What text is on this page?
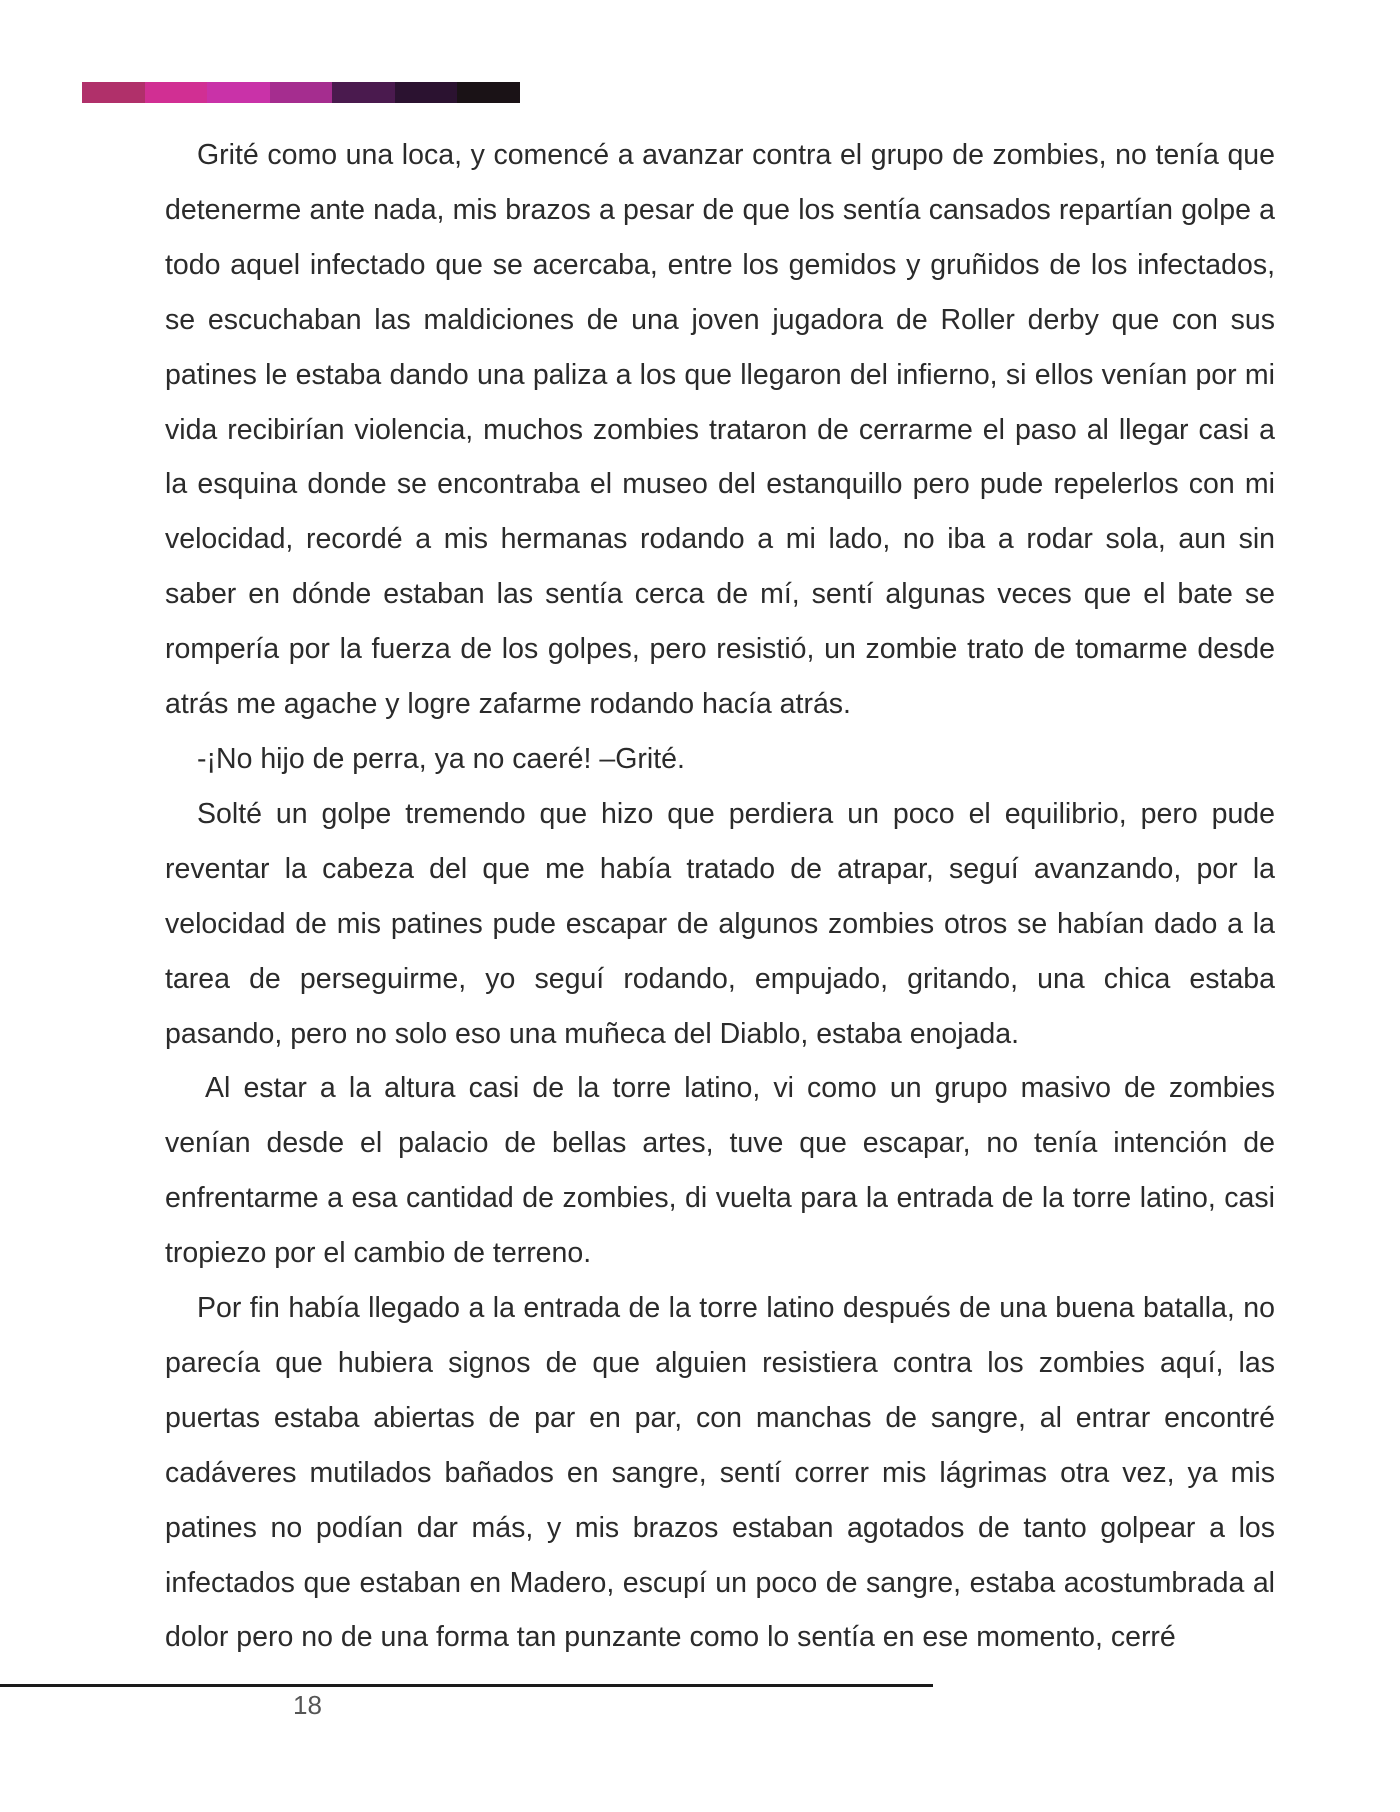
Grité como una loca, y comencé a avanzar contra el grupo de zombies, no tenía que detenerme ante nada, mis brazos a pesar de que los sentía cansados repartían golpe a todo aquel infectado que se acercaba, entre los gemidos y gruñidos de los infectados, se escuchaban las maldiciones de una joven jugadora de Roller derby que con sus patines le estaba dando una paliza a los que llegaron del infierno, si ellos venían por mi vida recibirían violencia, muchos zombies trataron de cerrarme el paso al llegar casi a la esquina donde se encontraba el museo del estanquillo pero pude repelerlos con mi velocidad, recordé a mis hermanas rodando a mi lado, no iba a rodar sola, aun sin saber en dónde estaban las sentía cerca de mí, sentí algunas veces que el bate se rompería por la fuerza de los golpes, pero resistió, un zombie trato de tomarme desde atrás me agache y logre zafarme rodando hacía atrás.

-¡No hijo de perra, ya no caeré! –Grité.

Solté un golpe tremendo que hizo que perdiera un poco el equilibrio, pero pude reventar la cabeza del que me había tratado de atrapar, seguí avanzando, por la velocidad de mis patines pude escapar de algunos zombies otros se habían dado a la tarea de perseguirme, yo seguí rodando, empujado, gritando, una chica estaba pasando, pero no solo eso una muñeca del Diablo, estaba enojada.

Al estar a la altura casi de la torre latino, vi como un grupo masivo de zombies venían desde el palacio de bellas artes, tuve que escapar, no tenía intención de enfrentarme a esa cantidad de zombies, di vuelta para la entrada de la torre latino, casi tropiezo por el cambio de terreno.

Por fin había llegado a la entrada de la torre latino después de una buena batalla, no parecía que hubiera signos de que alguien resistiera contra los zombies aquí, las puertas estaba abiertas de par en par, con manchas de sangre, al entrar encontré cadáveres mutilados bañados en sangre, sentí correr mis lágrimas otra vez, ya mis patines no podían dar más, y mis brazos estaban agotados de tanto golpear a los infectados que estaban en Madero, escupí un poco de sangre, estaba acostumbrada al dolor pero no de una forma tan punzante como lo sentía en ese momento, cerré

18
